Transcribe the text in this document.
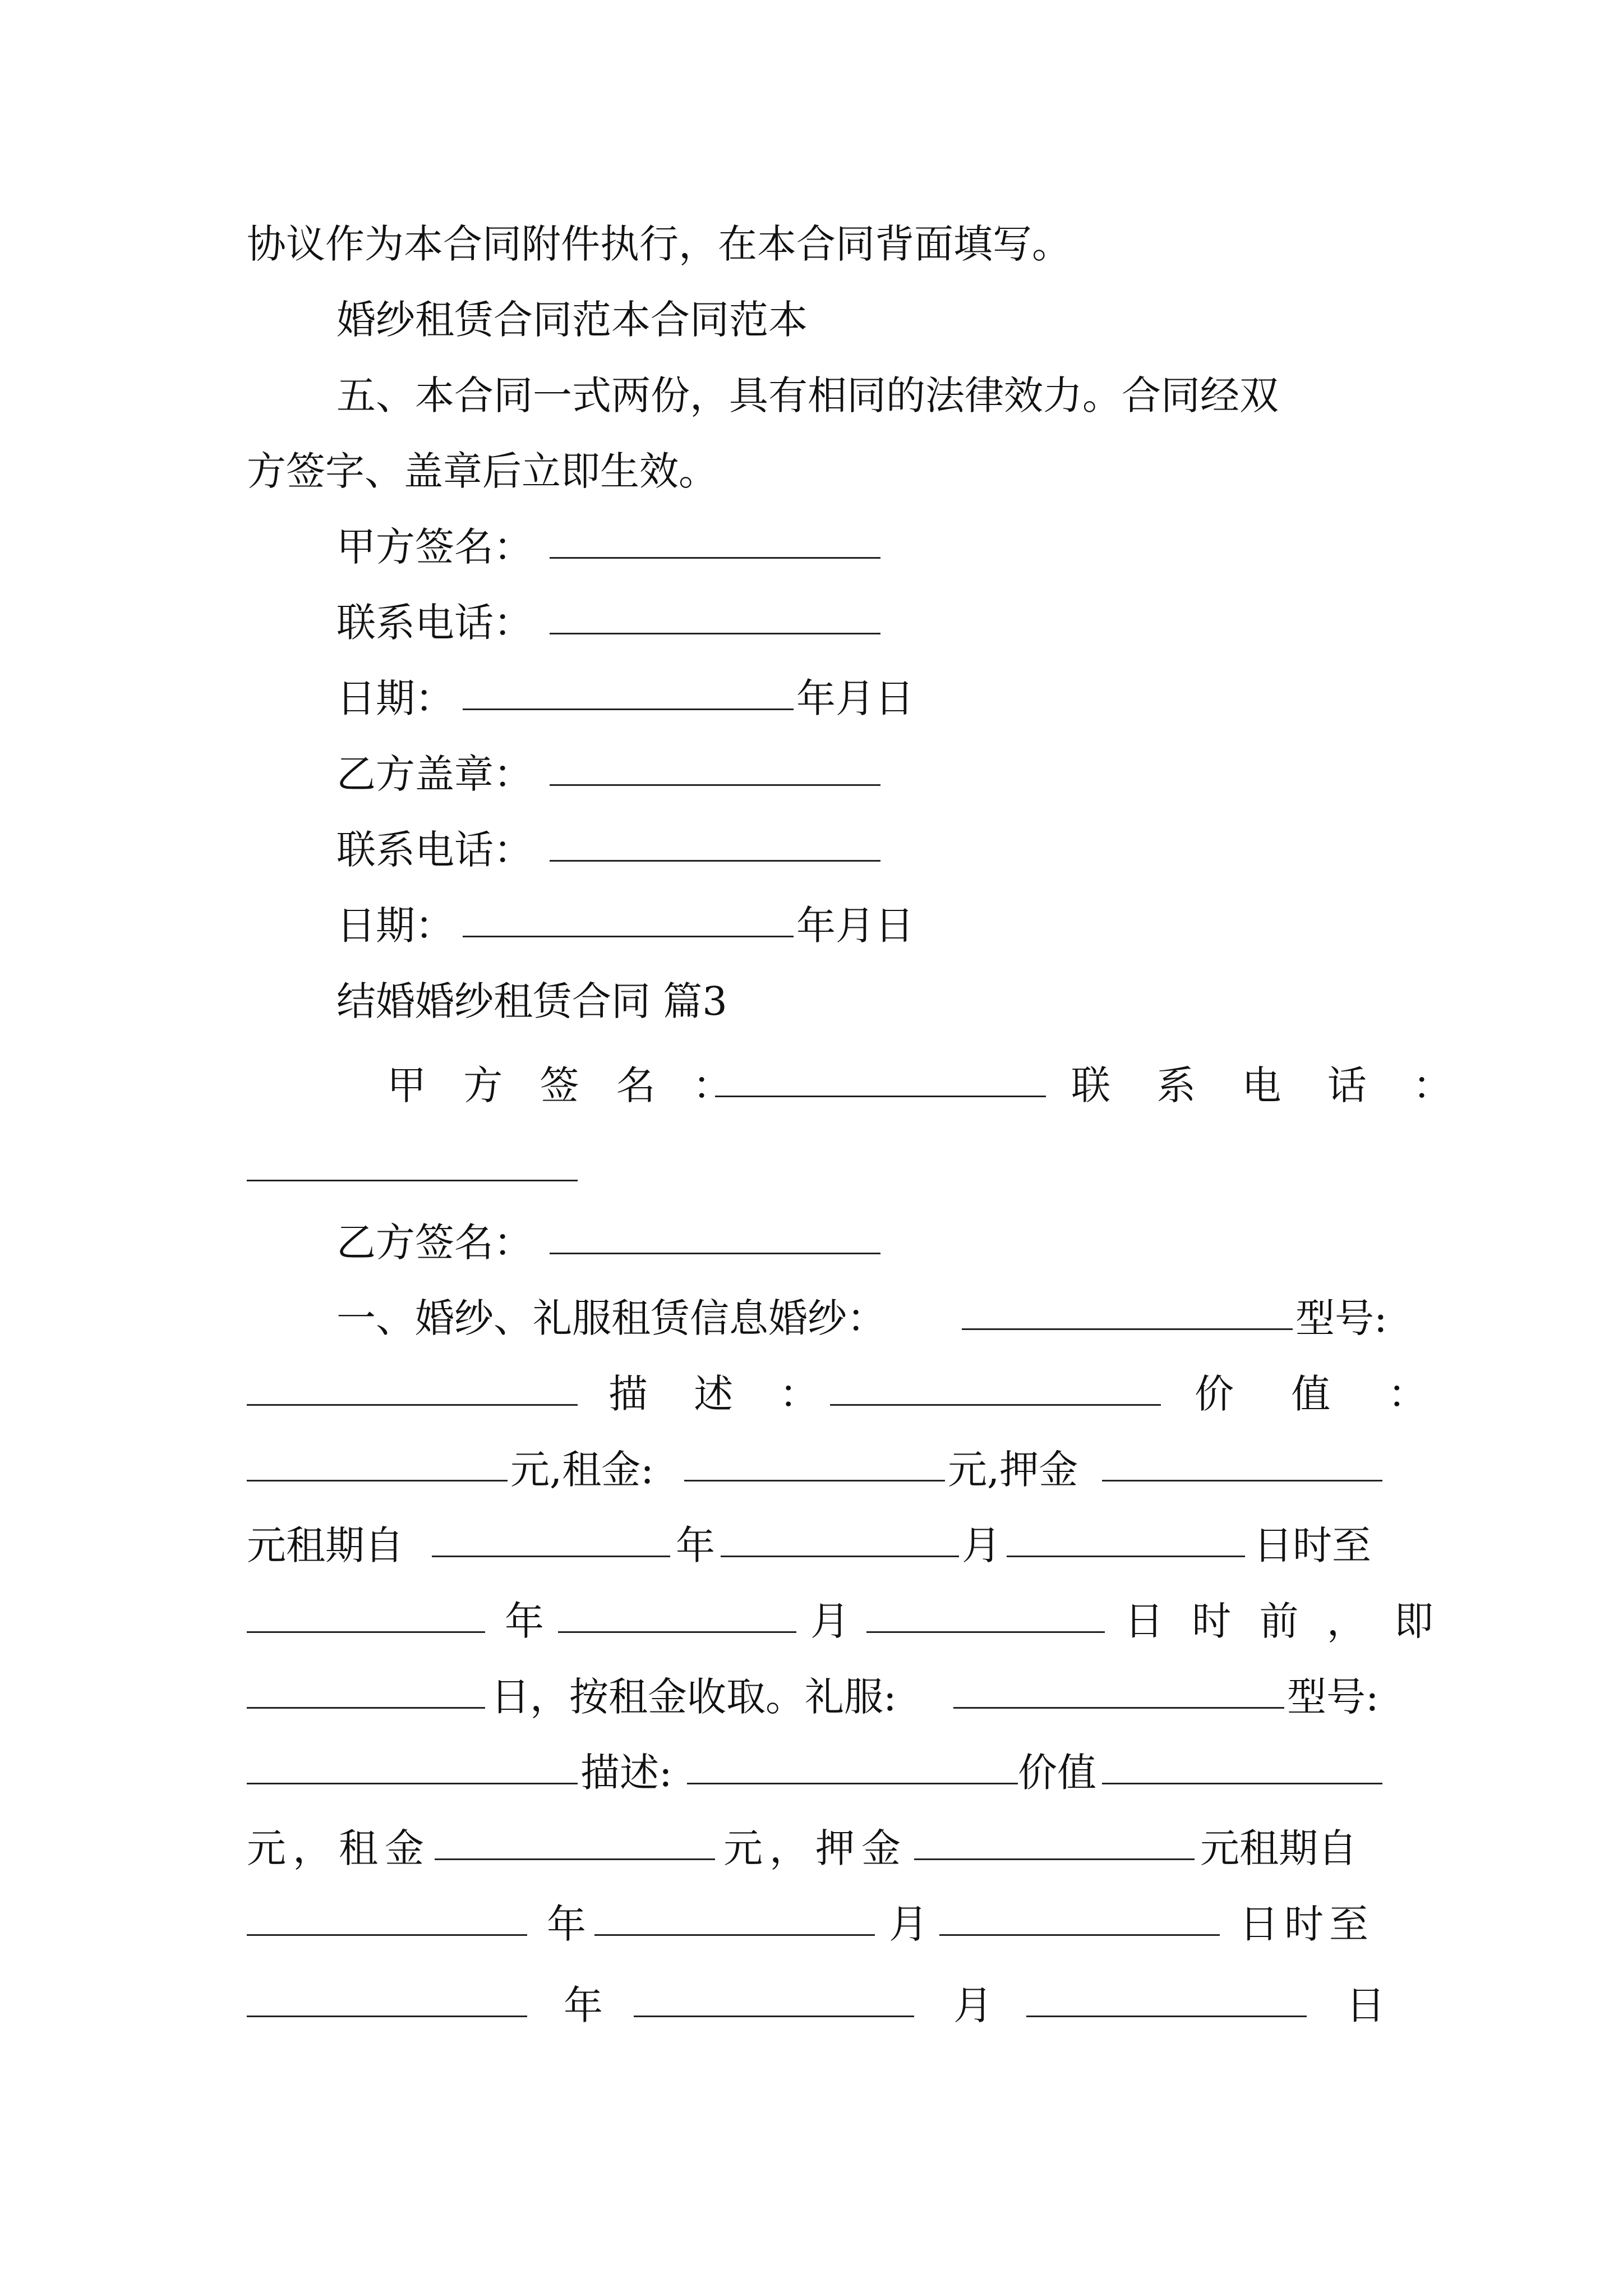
协议作为本合同附件执行，在本合同背面填写。
婚纱租赁合同范本合同范本
五、本合同一式两份，具有相同的法律效力。合同经双
方签字、盖章后立即生效。
甲方签名：
联系电话：
日期：	年月日
乙方盖章：
联系电话：
日期：	年月日
结婚婚纱租赁合同 篇3
甲 方 签 名 ：	联 系 电 话 ：
乙方签名：
一、婚纱、礼服租赁信息婚纱：	型号:
描 述 ：	价 值 ：
元,租金:	元,押金
元租期自	年	月	日时至
年	月	日 时 前 ， 即
日，按租金收取。礼服:	型号:
描述:	价值
元，租金	元，押金	元租期自
年	月	日时至
年	月	日
